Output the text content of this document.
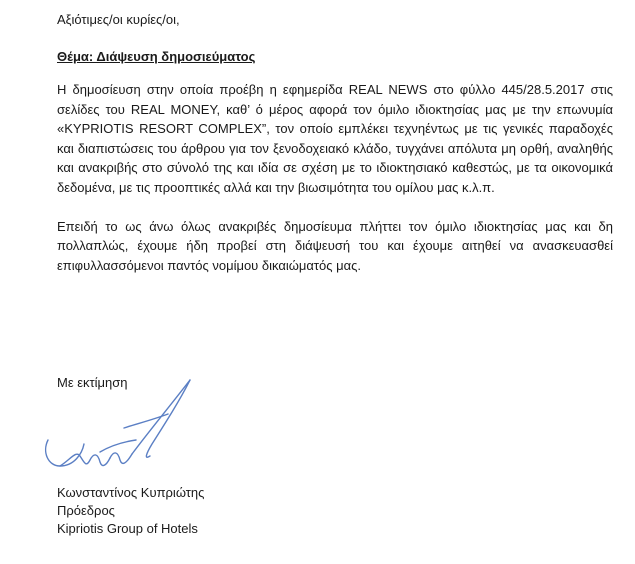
Αξιότιμες/οι κυρίες/οι,

Θέμα: Διάψευση δημοσιεύματος

Η δημοσίευση στην οποία προέβη η εφημερίδα REAL NEWS στο φύλλο 445/28.5.2017 στις σελίδες του REAL MONEY, καθ’ ό μέρος αφορά τον όμιλο ιδιοκτησίας μας με την επωνυμία «KYPRIOTIS RESORT COMPLEX”, τον οποίο εμπλέκει τεχνηέντως με τις γενικές παραδοχές και διαπιστώσεις του άρθρου για τον ξενοδοχειακό κλάδο, τυγχάνει απόλυτα μη ορθή, αναληθής και ανακριβής στο σύνολό της και ιδία σε σχέση με το ιδιοκτησιακό καθεστώς, με τα οικονομικά δεδομένα, με τις προοπτικές αλλά και την βιωσιμότητα του ομίλου μας κ.λ.π.

Επειδή το ως άνω όλως ανακριβές δημοσίευμα πλήττει τον όμιλο ιδιοκτησίας μας και δη πολλαπλώς, έχουμε ήδη προβεί στη διάψευσή του και έχουμε αιτηθεί να ανασκευασθεί επιφυλλασσόμενοι παντός νομίμου δικαιώματός μας.

Με εκτίμηση
Κωνσταντίνος Κυπριώτης
Πρόεδρος
Kipriotis Group of Hotels
